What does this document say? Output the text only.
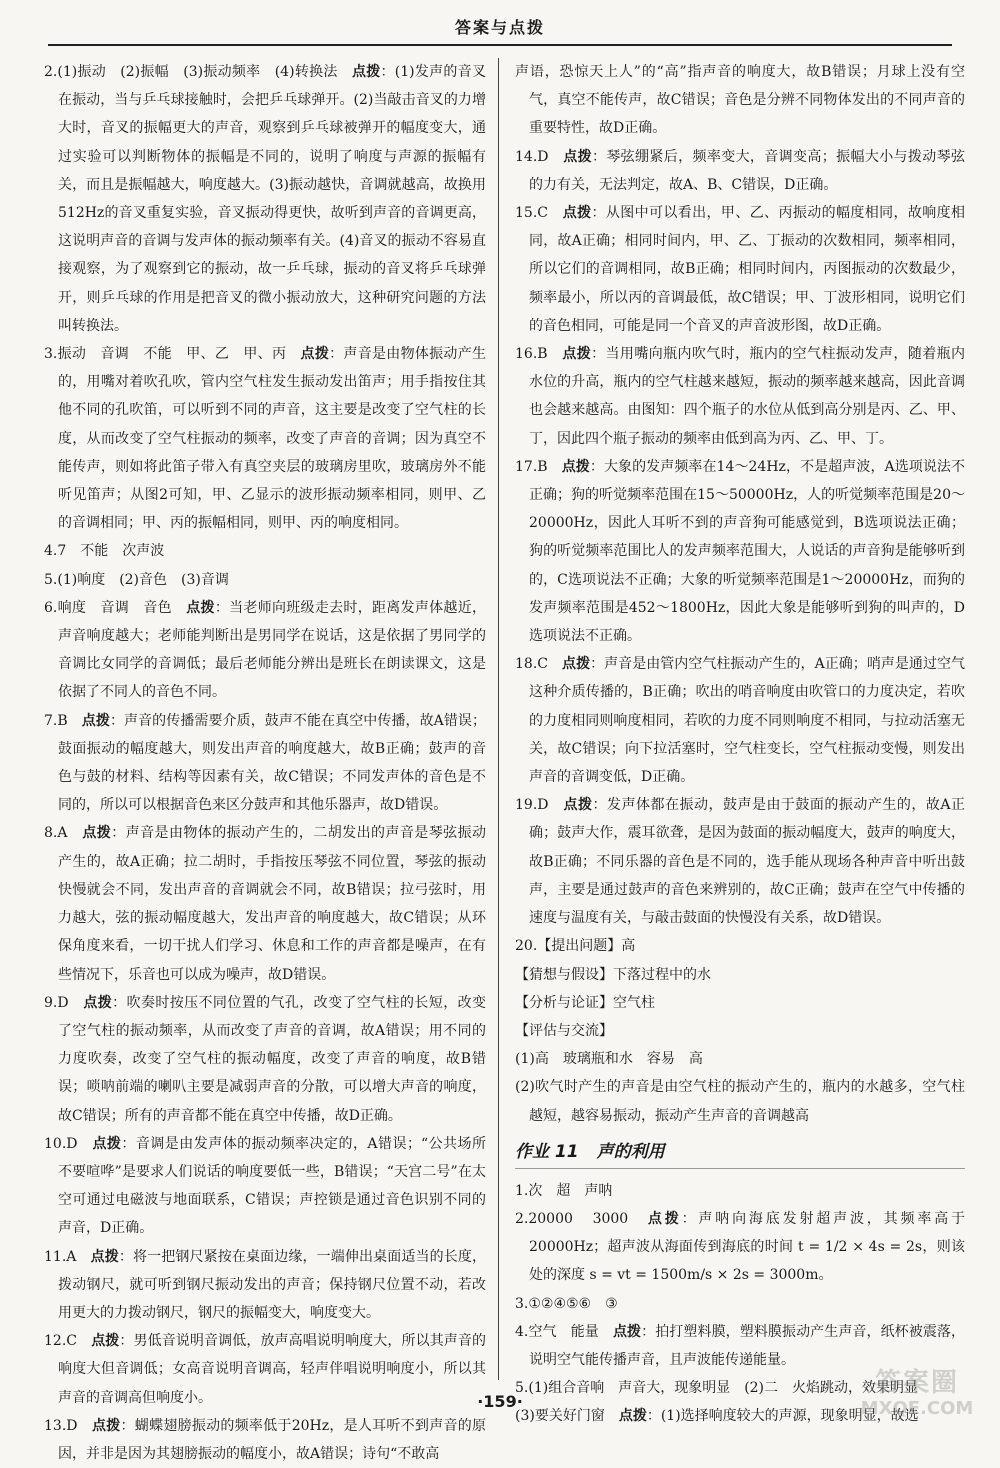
答案与点拨

2.(1)振动　(2)振幅　(3)振动频率　(4)转换法　点拨：(1)发声的音叉在振动，当与乒乓球接触时，会把乒乓球弹开。(2)当敲击音叉的力增大时，音叉的振幅更大的声音，观察到乒乓球被弹开的幅度变大，通过实验可以判断物体的振幅是不同的，说明了响度与声源的振幅有关，而且是振幅越大，响度越大。(3)振动越快，音调就越高，故换用512Hz的音叉重复实验，音叉振动得更快，故听到声音的音调更高，这说明声音的音调与发声体的振动频率有关。(4)音叉的振动不容易直接观察，为了观察到它的振动，故一乒乓球，振动的音叉将乒乓球弹开，则乒乓球的作用是把音叉的微小振动放大，这种研究问题的方法叫转换法。

3.振动　音调　不能　甲、乙　甲、丙　点拨：声音是由物体振动产生的，用嘴对着吹孔吹，管内空气柱发生振动发出笛声；用手指按住其他不同的孔吹笛，可以听到不同的声音，这主要是改变了空气柱的长度，从而改变了空气柱振动的频率，改变了声音的音调；因为真空不能传声，则如将此笛子带入有真空夹层的玻璃房里吹，玻璃房外不能听见笛声；从图2可知，甲、乙显示的波形振动频率相同，则甲、乙的音调相同；甲、丙的振幅相同，则甲、丙的响度相同。

4.7　不能　次声波

5.(1)响度　(2)音色　(3)音调

6.响度　音调　音色　点拨：当老师向班级走去时，距离发声体越近，声音响度越大；老师能判断出是男同学在说话，这是依据了男同学的音调比女同学的音调低；最后老师能分辨出是班长在朗读课文，这是依据了不同人的音色不同。

7.B　点拨：声音的传播需要介质，鼓声不能在真空中传播，故A错误；鼓面振动的幅度越大，则发出声音的响度越大，故B正确；鼓声的音色与鼓的材料、结构等因素有关，故C错误；不同发声体的音色是不同的，所以可以根据音色来区分鼓声和其他乐器声，故D错误。

8.A　点拨：声音是由物体的振动产生的，二胡发出的声音是琴弦振动产生的，故A正确；拉二胡时，手指按压琴弦不同位置，琴弦的振动快慢就会不同，发出声音的音调就会不同，故B错误；拉弓弦时，用力越大，弦的振动幅度越大，发出声音的响度越大，故C错误；从环保角度来看，一切干扰人们学习、休息和工作的声音都是噪声，在有些情况下，乐音也可以成为噪声，故D错误。

9.D　点拨：吹奏时按压不同位置的气孔，改变了空气柱的长短，改变了空气柱的振动频率，从而改变了声音的音调，故A错误；用不同的力度吹奏，改变了空气柱的振动幅度，改变了声音的响度，故B错误；唢呐前端的喇叭主要是减弱声音的分散，可以增大声音的响度，故C错误；所有的声音都不能在真空中传播，故D正确。

10.D　点拨：音调是由发声体的振动频率决定的，A错误；“公共场所不要喧哗”是要求人们说话的响度要低一些，B错误；“天宫二号”在太空可通过电磁波与地面联系，C错误；声控锁是通过音色识别不同的声音，D正确。

11.A　点拨：将一把钢尺紧按在桌面边缘，一端伸出桌面适当的长度，拨动钢尺，就可听到钢尺振动发出的声音；保持钢尺位置不动，若改用更大的力拨动钢尺，钢尺的振幅变大，响度变大。

12.C　点拨：男低音说明音调低，放声高唱说明响度大，所以其声音的响度大但音调低；女高音说明音调高，轻声伴唱说明响度小，所以其声音的音调高但响度小。

13.D　点拨：蝴蝶翅膀振动的频率低于20Hz，是人耳听不到声音的原因，并非是因为其翅膀振动的幅度小，故A错误；诗句“不敢高

声语，恐惊天上人”的“高”指声音的响度大，故B错误；月球上没有空气，真空不能传声，故C错误；音色是分辨不同物体发出的不同声音的重要特性，故D正确。

14.D　点拨：琴弦绷紧后，频率变大，音调变高；振幅大小与拨动琴弦的力有关，无法判定，故A、B、C错误，D正确。

15.C　点拨：从图中可以看出，甲、乙、丙振动的幅度相同，故响度相同，故A正确；相同时间内，甲、乙、丁振动的次数相同，频率相同，所以它们的音调相同，故B正确；相同时间内，丙图振动的次数最少，频率最小，所以丙的音调最低，故C错误；甲、丁波形相同，说明它们的音色相同，可能是同一个音叉的声音波形图，故D正确。

16.B　点拨：当用嘴向瓶内吹气时，瓶内的空气柱振动发声，随着瓶内水位的升高，瓶内的空气柱越来越短，振动的频率越来越高，因此音调也会越来越高。由图知：四个瓶子的水位从低到高分别是丙、乙、甲、丁，因此四个瓶子振动的频率由低到高为丙、乙、甲、丁。

17.B　点拨：大象的发声频率在14～24Hz，不是超声波，A选项说法不正确；狗的听觉频率范围在15～50000Hz，人的听觉频率范围是20～20000Hz，因此人耳听不到的声音狗可能感觉到，B选项说法正确；狗的听觉频率范围比人的发声频率范围大，人说话的声音狗是能够听到的，C选项说法不正确；大象的听觉频率范围是1～20000Hz，而狗的发声频率范围是452～1800Hz，因此大象是能够听到狗的叫声的，D选项说法不正确。

18.C　点拨：声音是由管内空气柱振动产生的，A正确；哨声是通过空气这种介质传播的，B正确；吹出的哨音响度由吹管口的力度决定，若吹的力度相同则响度相同，若吹的力度不同则响度不相同，与拉动活塞无关，故C错误；向下拉活塞时，空气柱变长，空气柱振动变慢，则发出声音的音调变低，D正确。

19.D　点拨：发声体都在振动，鼓声是由于鼓面的振动产生的，故A正确；鼓声大作，震耳欲聋，是因为鼓面的振动幅度大，鼓声的响度大，故B正确；不同乐器的音色是不同的，选手能从现场各种声音中听出鼓声，主要是通过鼓声的音色来辨别的，故C正确；鼓声在空气中传播的速度与温度有关，与敲击鼓面的快慢没有关系，故D错误。

20.【提出问题】高

【猜想与假设】下落过程中的水

【分析与论证】空气柱

【评估与交流】

(1)高　玻璃瓶和水　容易　高

(2)吹气时产生的声音是由空气柱的振动产生的，瓶内的水越多，空气柱越短，越容易振动，振动产生声音的音调越高

作业 11 声的利用

1.次　超　声呐

2.20000　3000　点拨：声呐向海底发射超声波，其频率高于20000Hz；超声波从海面传到海底的时间 t = 1/2 × 4s = 2s，则该处的深度 s = vt = 1500m/s × 2s = 3000m。

3.①②④⑤⑥　③

4.空气　能量　点拨：拍打塑料膜，塑料膜振动产生声音，纸杯被震落，说明空气能传播声音，且声波能传递能量。

5.(1)组合音响　声音大，现象明显　(2)二　火焰跳动，效果明显

(3)要关好门窗　点拨：(1)选择响度较大的声源，现象明显，故选

·159·
答案圈
MXQE.COM
